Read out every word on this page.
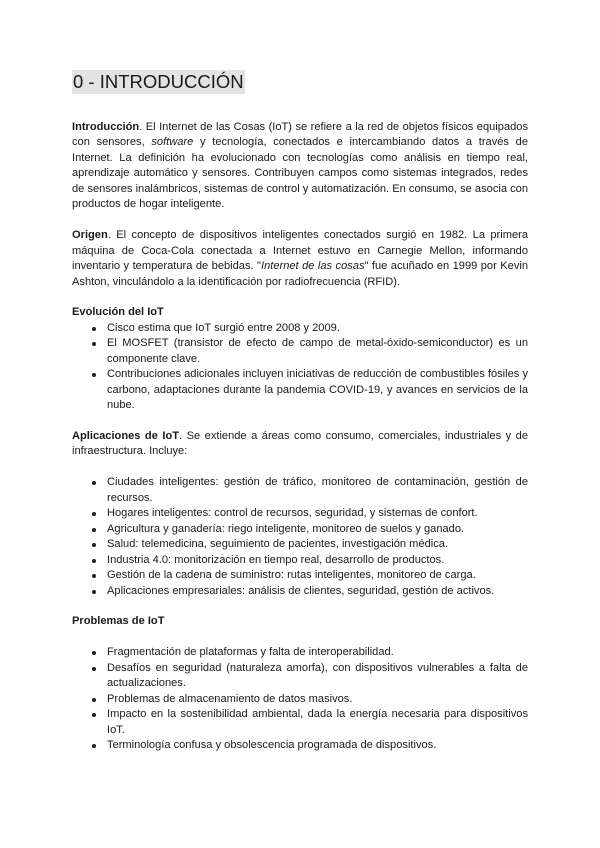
0 - INTRODUCCIÓN

Introducción. El Internet de las Cosas (IoT) se refiere a la red de objetos físicos equipados con sensores, software y tecnología, conectados e intercambiando datos a través de Internet. La definición ha evolucionado con tecnologías como análisis en tiempo real, aprendizaje automático y sensores. Contribuyen campos como sistemas integrados, redes de sensores inalámbricos, sistemas de control y automatización. En consumo, se asocia con productos de hogar inteligente.

Origen. El concepto de dispositivos inteligentes conectados surgió en 1982. La primera máquina de Coca-Cola conectada a Internet estuvo en Carnegie Mellon, informando inventario y temperatura de bebidas. "Internet de las cosas" fue acuñado en 1999 por Kevin Ashton, vinculándolo a la identificación por radiofrecuencia (RFID).

Evolución del IoT

Cisco estima que IoT surgió entre 2008 y 2009.
El MOSFET (transistor de efecto de campo de metal-óxido-semiconductor) es un componente clave.
Contribuciones adicionales incluyen iniciativas de reducción de combustibles fósiles y carbono, adaptaciones durante la pandemia COVID-19, y avances en servicios de la nube.

Aplicaciones de IoT. Se extiende a áreas como consumo, comerciales, industriales y de infraestructura. Incluye:

Ciudades inteligentes: gestión de tráfico, monitoreo de contaminación, gestión de recursos.
Hogares inteligentes: control de recursos, seguridad, y sistemas de confort.
Agricultura y ganadería: riego inteligente, monitoreo de suelos y ganado.
Salud: telemedicina, seguimiento de pacientes, investigación médica.
Industria 4.0: monitorización en tiempo real, desarrollo de productos.
Gestión de la cadena de suministro: rutas inteligentes, monitoreo de carga.
Aplicaciones empresariales: análisis de clientes, seguridad, gestión de activos.

Problemas de IoT

Fragmentación de plataformas y falta de interoperabilidad.
Desafíos en seguridad (naturaleza amorfa), con dispositivos vulnerables a falta de actualizaciones.
Problemas de almacenamiento de datos masivos.
Impacto en la sostenibilidad ambiental, dada la energía necesaria para dispositivos IoT.
Terminología confusa y obsolescencia programada de dispositivos.
